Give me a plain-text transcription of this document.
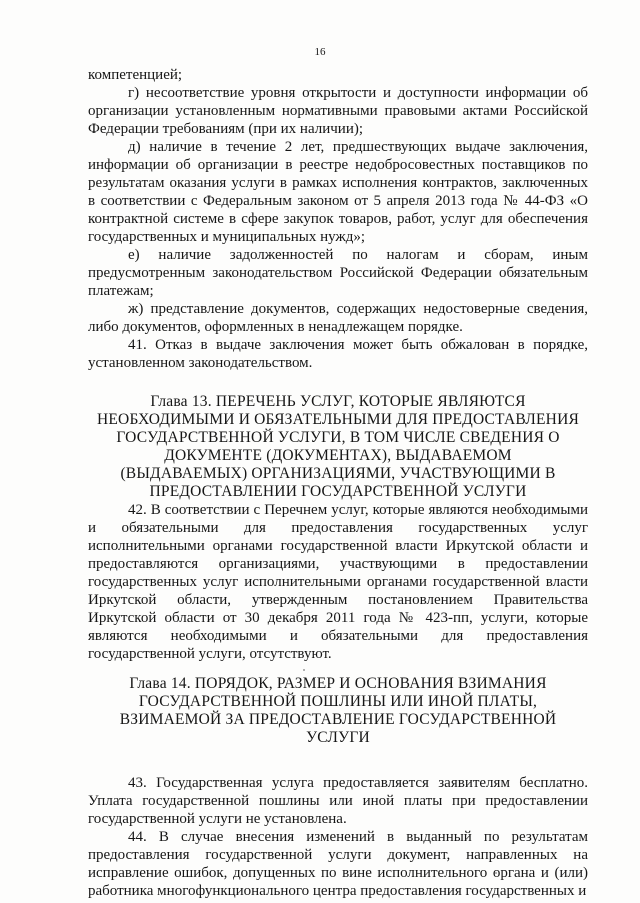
16

компетенцией;

г) несоответствие уровня открытости и доступности информации об организации установленным нормативными правовыми актами Российской Федерации требованиям (при их наличии);

д) наличие в течение 2 лет, предшествующих выдаче заключения, информации об организации в реестре недобросовестных поставщиков по результатам оказания услуги в рамках исполнения контрактов, заключенных в соответствии с Федеральным законом от 5 апреля 2013 года № 44-ФЗ «О контрактной системе в сфере закупок товаров, работ, услуг для обеспечения государственных и муниципальных нужд»;

е) наличие задолженностей по налогам и сборам, иным предусмотренным законодательством Российской Федерации обязательным платежам;

ж) представление документов, содержащих недостоверные сведения, либо документов, оформленных в ненадлежащем порядке.

41. Отказ в выдаче заключения может быть обжалован в порядке, установленном законодательством.

Глава 13. ПЕРЕЧЕНЬ УСЛУГ, КОТОРЫЕ ЯВЛЯЮТСЯ
НЕОБХОДИМЫМИ И ОБЯЗАТЕЛЬНЫМИ ДЛЯ ПРЕДОСТАВЛЕНИЯ
ГОСУДАРСТВЕННОЙ УСЛУГИ, В ТОМ ЧИСЛЕ СВЕДЕНИЯ О
ДОКУМЕНТЕ (ДОКУМЕНТАХ), ВЫДАВАЕМОМ
(ВЫДАВАЕМЫХ) ОРГАНИЗАЦИЯМИ, УЧАСТВУЮЩИМИ В
ПРЕДОСТАВЛЕНИИ ГОСУДАРСТВЕННОЙ УСЛУГИ

42. В соответствии с Перечнем услуг, которые являются необходимыми и обязательными для предоставления государственных услуг исполнительными органами государственной власти Иркутской области и предоставляются организациями, участвующими в предоставлении государственных услуг исполнительными органами государственной власти Иркутской области, утвержденным постановлением Правительства Иркутской области от 30 декабря 2011 года № 423-пп, услуги, которые являются необходимыми и обязательными для предоставления государственной услуги, отсутствуют.

Глава 14. ПОРЯДОК, РАЗМЕР И ОСНОВАНИЯ ВЗИМАНИЯ
ГОСУДАРСТВЕННОЙ ПОШЛИНЫ ИЛИ ИНОЙ ПЛАТЫ,
ВЗИМАЕМОЙ ЗА ПРЕДОСТАВЛЕНИЕ ГОСУДАРСТВЕННОЙ УСЛУГИ

43. Государственная услуга предоставляется заявителям бесплатно. Уплата государственной пошлины или иной платы при предоставлении государственной услуги не установлена.

44. В случае внесения изменений в выданный по результатам предоставления государственной услуги документ, направленных на исправление ошибок, допущенных по вине исполнительного органа и (или) работника многофункционального центра предоставления государственных и
